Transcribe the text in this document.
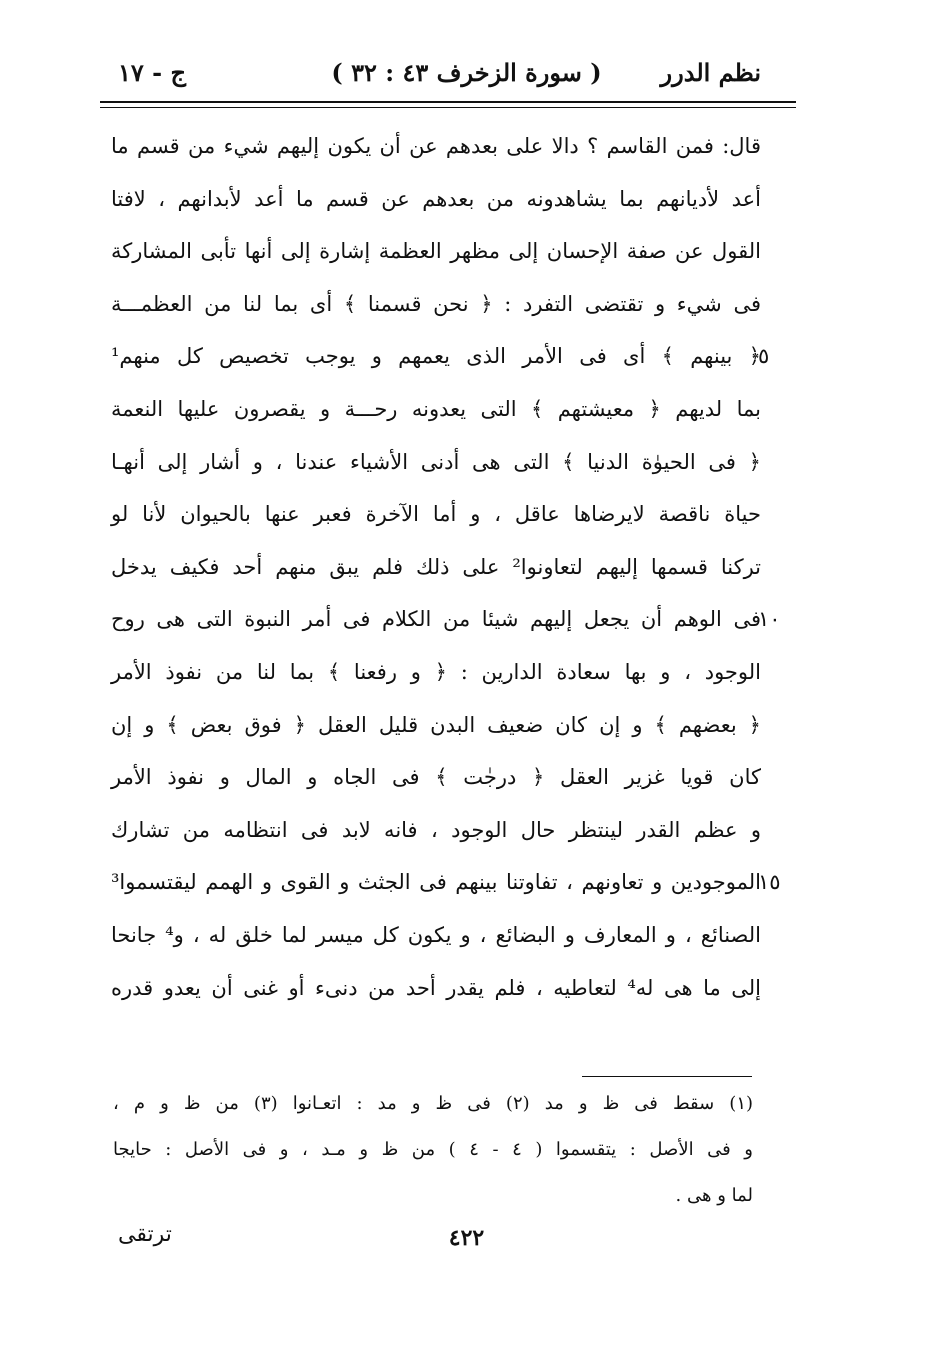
نظم الدرر
( سورة الزخرف ٤٣ : ٣٢ )
ج - ١٧
قال: فمن القاسم ؟ دالا على بعدهم عن أن يكون إليهم شيء من قسم ما
أعد لأديانهم بما يشاهدونه من بعدهم عن قسم ما أعد لأبدانهم ، لافتا
القول عن صفة الإحسان إلى مظهر العظمة إشارة إلى أنها تأبى المشاركة
فى شيء و تقتضى التفرد : ﴿ نحن قسمنا ﴾ أى بما لنا من العظمـــة
﴿ بينهم ﴾ أى فى الأمر الذى يعمهم و يوجب تخصيص كل منهم¹
٥
بما لديهم ﴿ معيشتهم ﴾ التى يعدونه رحـــة و يقصرون عليها النعمة
﴿ فى الحيوٰة الدنيا ﴾ التى هى أدنى الأشياء عندنا ، و أشار إلى أنهـا
حياة ناقصة لايرضاها عاقل ، و أما الآخرة فعبر عنها بالحيوان لأنا لو
تركنا قسمها إليهم لتعاونوا² على ذلك فلم يبق منهم أحد فكيف يدخل
فى الوهم أن يجعل إليهم شيئا من الكلام فى أمر النبوة التى هى روح
١٠
الوجود ، و بها سعادة الدارين : ﴿ و رفعنا ﴾ بما لنا من نفوذ الأمر
﴿ بعضهم ﴾ و إن كان ضعيف البدن قليل العقل ﴿ فوق بعض ﴾ و إن
كان قويا غزير العقل ﴿ درجٰت ﴾ فى الجاه و المال و نفوذ الأمر
و عظم القدر لينتظر حال الوجود ، فانه لابد فى انتظامه من تشارك
الموجودين و تعاونهم ، تفاوتنا بينهم فى الجثث و القوى و الهمم ليقتسموا³
١٥
الصنائع ، و المعارف و البضائع ، و يكون كل ميسر لما خلق له ، و⁴ جانحا
إلى ما هى له⁴ لتعاطيه ، فلم يقدر أحد من دنىء أو غنى أن يعدو قدره
(١) سقط فى ظ و مد (٢) فى ظ و مد : اتعـانوا (٣) من ظ و م ،
و فى الأصل : يتقسموا ( ٤ - ٤ ) من ظ و مـد ، و فى الأصل : حايجا
لما و هى .
٤٢٢
ترتقى
